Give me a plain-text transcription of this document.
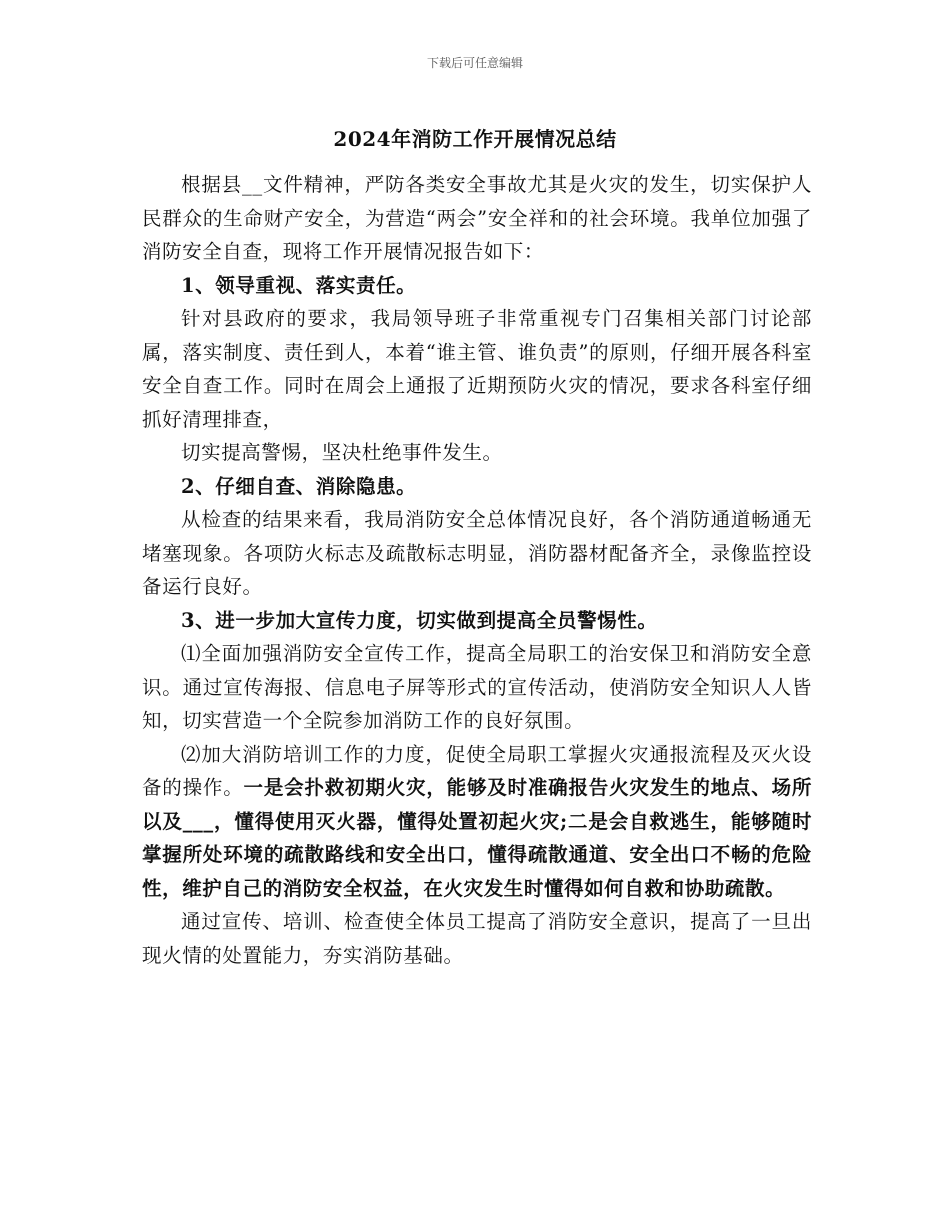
下载后可任意编辑
2024年消防工作开展情况总结

根据县__文件精神，严防各类安全事故尤其是火灾的发生，切实保护人民群众的生命财产安全，为营造“两会”安全祥和的社会环境。我单位加强了消防安全自查，现将工作开展情况报告如下：

1、领导重视、落实责任。

针对县政府的要求，我局领导班子非常重视专门召集相关部门讨论部属，落实制度、责任到人，本着“谁主管、谁负责”的原则，仔细开展各科室安全自查工作。同时在周会上通报了近期预防火灾的情况，要求各科室仔细抓好清理排查，

切实提高警惕，坚决杜绝事件发生。

2、仔细自查、消除隐患。

从检查的结果来看，我局消防安全总体情况良好，各个消防通道畅通无堵塞现象。各项防火标志及疏散标志明显，消防器材配备齐全，录像监控设备运行良好。

3、进一步加大宣传力度，切实做到提高全员警惕性。

⑴全面加强消防安全宣传工作，提高全局职工的治安保卫和消防安全意识。通过宣传海报、信息电子屏等形式的宣传活动，使消防安全知识人人皆知，切实营造一个全院参加消防工作的良好氛围。

⑵加大消防培训工作的力度，促使全局职工掌握火灾通报流程及灭火设备的操作。一是会扑救初期火灾，能够及时准确报告火灾发生的地点、场所以及___，懂得使用灭火器，懂得处置初起火灾;二是会自救逃生，能够随时掌握所处环境的疏散路线和安全出口，懂得疏散通道、安全出口不畅的危险性，维护自己的消防安全权益，在火灾发生时懂得如何自救和协助疏散。

通过宣传、培训、检查使全体员工提高了消防安全意识，提高了一旦出现火情的处置能力，夯实消防基础。
